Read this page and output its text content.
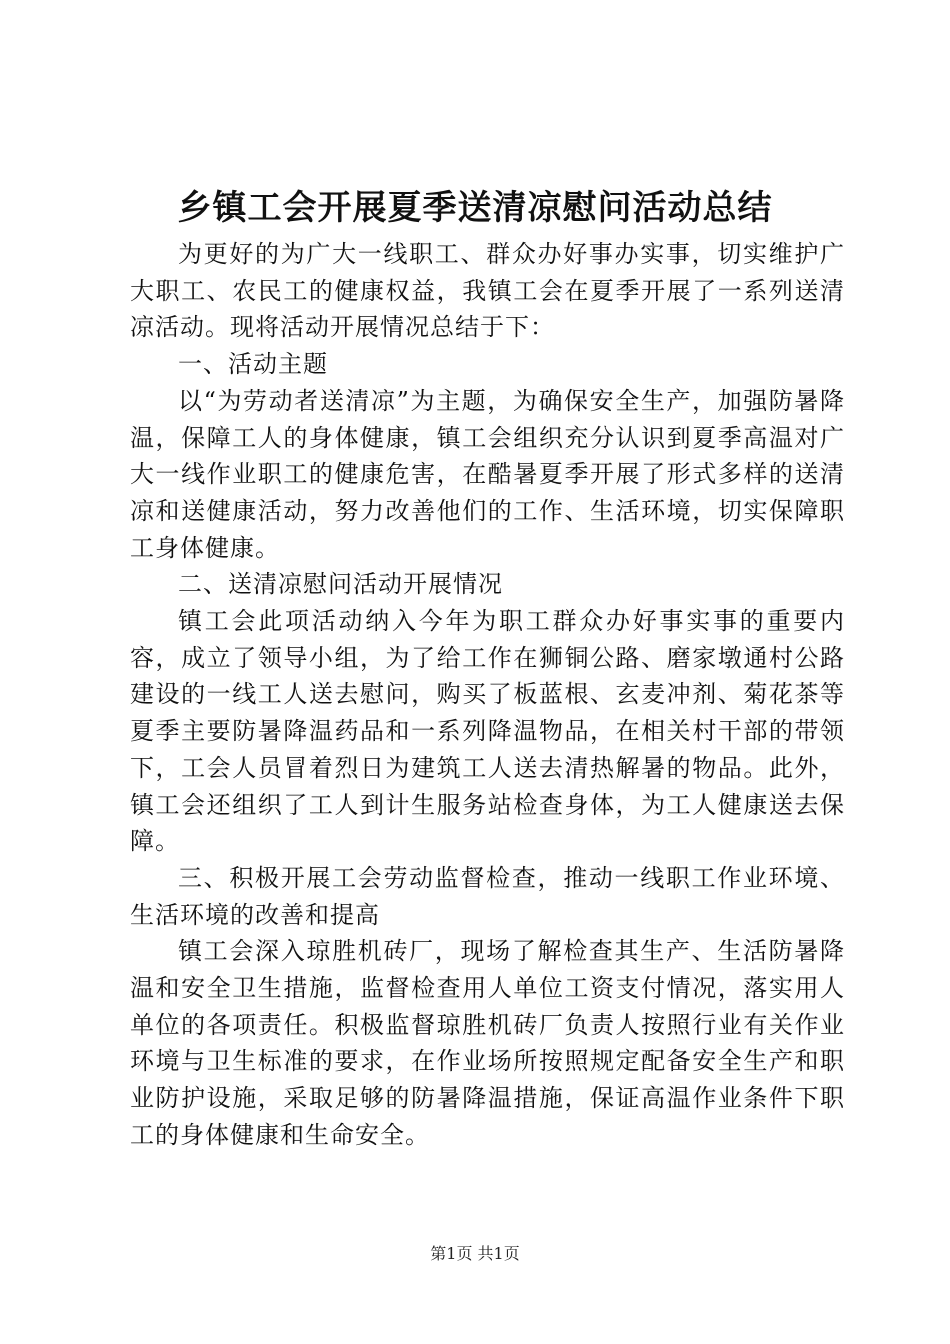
乡镇工会开展夏季送清凉慰问活动总结

为更好的为广大一线职工、群众办好事办实事，切实维护广大职工、农民工的健康权益，我镇工会在夏季开展了一系列送清凉活动。现将活动开展情况总结于下：

一、活动主题

以“为劳动者送清凉”为主题，为确保安全生产，加强防暑降温，保障工人的身体健康，镇工会组织充分认识到夏季高温对广大一线作业职工的健康危害，在酷暑夏季开展了形式多样的送清凉和送健康活动，努力改善他们的工作、生活环境，切实保障职工身体健康。

二、送清凉慰问活动开展情况

镇工会此项活动纳入今年为职工群众办好事实事的重要内容，成立了领导小组，为了给工作在狮铜公路、磨家墩通村公路建设的一线工人送去慰问，购买了板蓝根、玄麦冲剂、菊花茶等夏季主要防暑降温药品和一系列降温物品，在相关村干部的带领下，工会人员冒着烈日为建筑工人送去清热解暑的物品。此外，镇工会还组织了工人到计生服务站检查身体，为工人健康送去保障。

三、积极开展工会劳动监督检查，推动一线职工作业环境、生活环境的改善和提高

镇工会深入琼胜机砖厂，现场了解检查其生产、生活防暑降温和安全卫生措施，监督检查用人单位工资支付情况，落实用人单位的各项责任。积极监督琼胜机砖厂负责人按照行业有关作业环境与卫生标准的要求，在作业场所按照规定配备安全生产和职业防护设施，采取足够的防暑降温措施，保证高温作业条件下职工的身体健康和生命安全。

第1页 共1页
